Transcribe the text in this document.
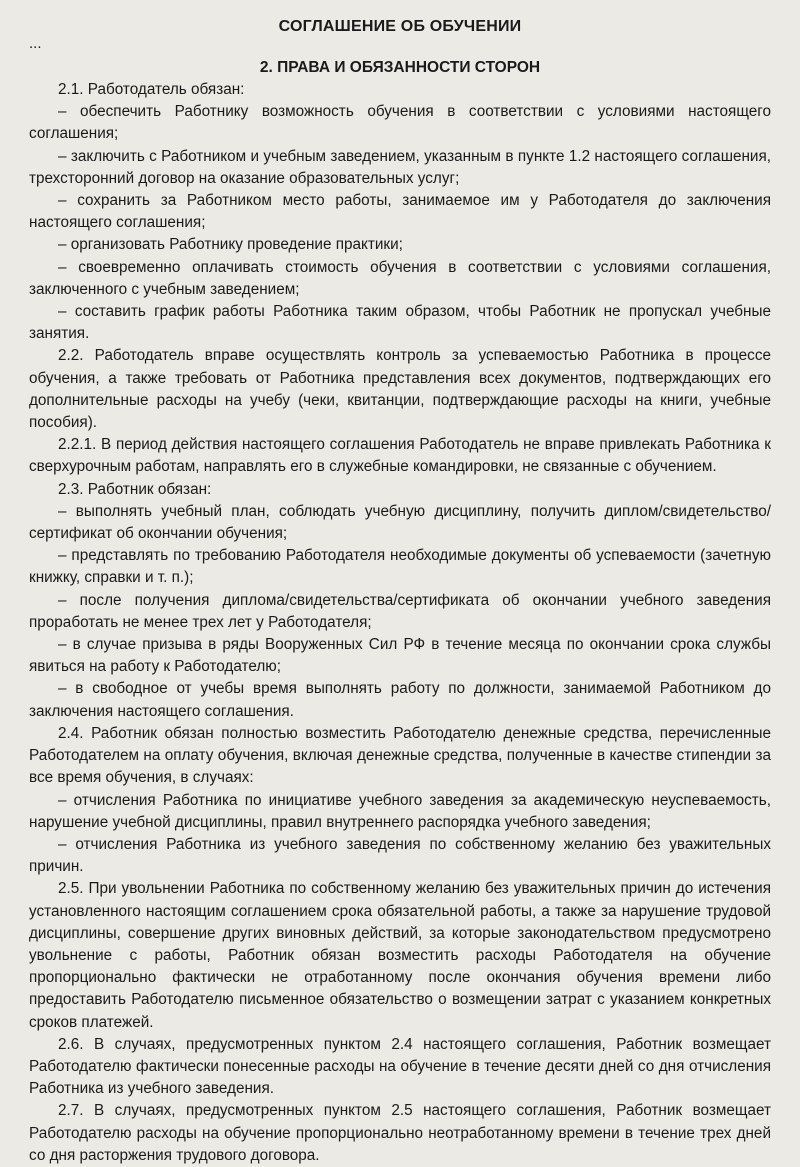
СОГЛАШЕНИЕ ОБ ОБУЧЕНИИ
...
2. ПРАВА И ОБЯЗАННОСТИ СТОРОН

2.1. Работодатель обязан:

– обеспечить Работнику возможность обучения в соответствии с условиями настоящего соглашения;

– заключить с Работником и учебным заведением, указанным в пункте 1.2 настоящего соглашения, трехсторонний договор на оказание образовательных услуг;

– сохранить за Работником место работы, занимаемое им у Работодателя до заключения настоящего соглашения;

– организовать Работнику проведение практики;

– своевременно оплачивать стоимость обучения в соответствии с условиями соглашения, заключенного с учебным заведением;

– составить график работы Работника таким образом, чтобы Работник не пропускал учебные занятия.

2.2. Работодатель вправе осуществлять контроль за успеваемостью Работника в процессе обучения, а также требовать от Работника представления всех документов, подтверждающих его дополнительные расходы на учебу (чеки, квитанции, подтверждающие расходы на книги, учебные пособия).

2.2.1. В период действия настоящего соглашения Работодатель не вправе привлекать Работника к сверхурочным работам, направлять его в служебные командировки, не связанные с обучением.

2.3. Работник обязан:

– выполнять учебный план, соблюдать учебную дисциплину, получить диплом/свидетельство/сертификат об окончании обучения;

– представлять по требованию Работодателя необходимые документы об успеваемости (зачетную книжку, справки и т. п.);

– после получения диплома/свидетельства/сертификата об окончании учебного заведения проработать не менее трех лет у Работодателя;

– в случае призыва в ряды Вооруженных Сил РФ в течение месяца по окончании срока службы явиться на работу к Работодателю;

– в свободное от учебы время выполнять работу по должности, занимаемой Работником до заключения настоящего соглашения.

2.4. Работник обязан полностью возместить Работодателю денежные средства, перечисленные Работодателем на оплату обучения, включая денежные средства, полученные в качестве стипендии за все время обучения, в случаях:

– отчисления Работника по инициативе учебного заведения за академическую неуспеваемость, нарушение учебной дисциплины, правил внутреннего распорядка учебного заведения;

– отчисления Работника из учебного заведения по собственному желанию без уважительных причин.

2.5. При увольнении Работника по собственному желанию без уважительных причин до истечения установленного настоящим соглашением срока обязательной работы, а также за нарушение трудовой дисциплины, совершение других виновных действий, за которые законодательством предусмотрено увольнение с работы, Работник обязан возместить расходы Работодателя на обучение пропорционально фактически не отработанному после окончания обучения времени либо предоставить Работодателю письменное обязательство о возмещении затрат с указанием конкретных сроков платежей.

2.6. В случаях, предусмотренных пунктом 2.4 настоящего соглашения, Работник возмещает Работодателю фактически понесенные расходы на обучение в течение десяти дней со дня отчисления Работника из учебного заведения.

2.7. В случаях, предусмотренных пунктом 2.5 настоящего соглашения, Работник возмещает Работодателю расходы на обучение пропорционально неотработанному времени в течение трех дней со дня расторжения трудового договора.
